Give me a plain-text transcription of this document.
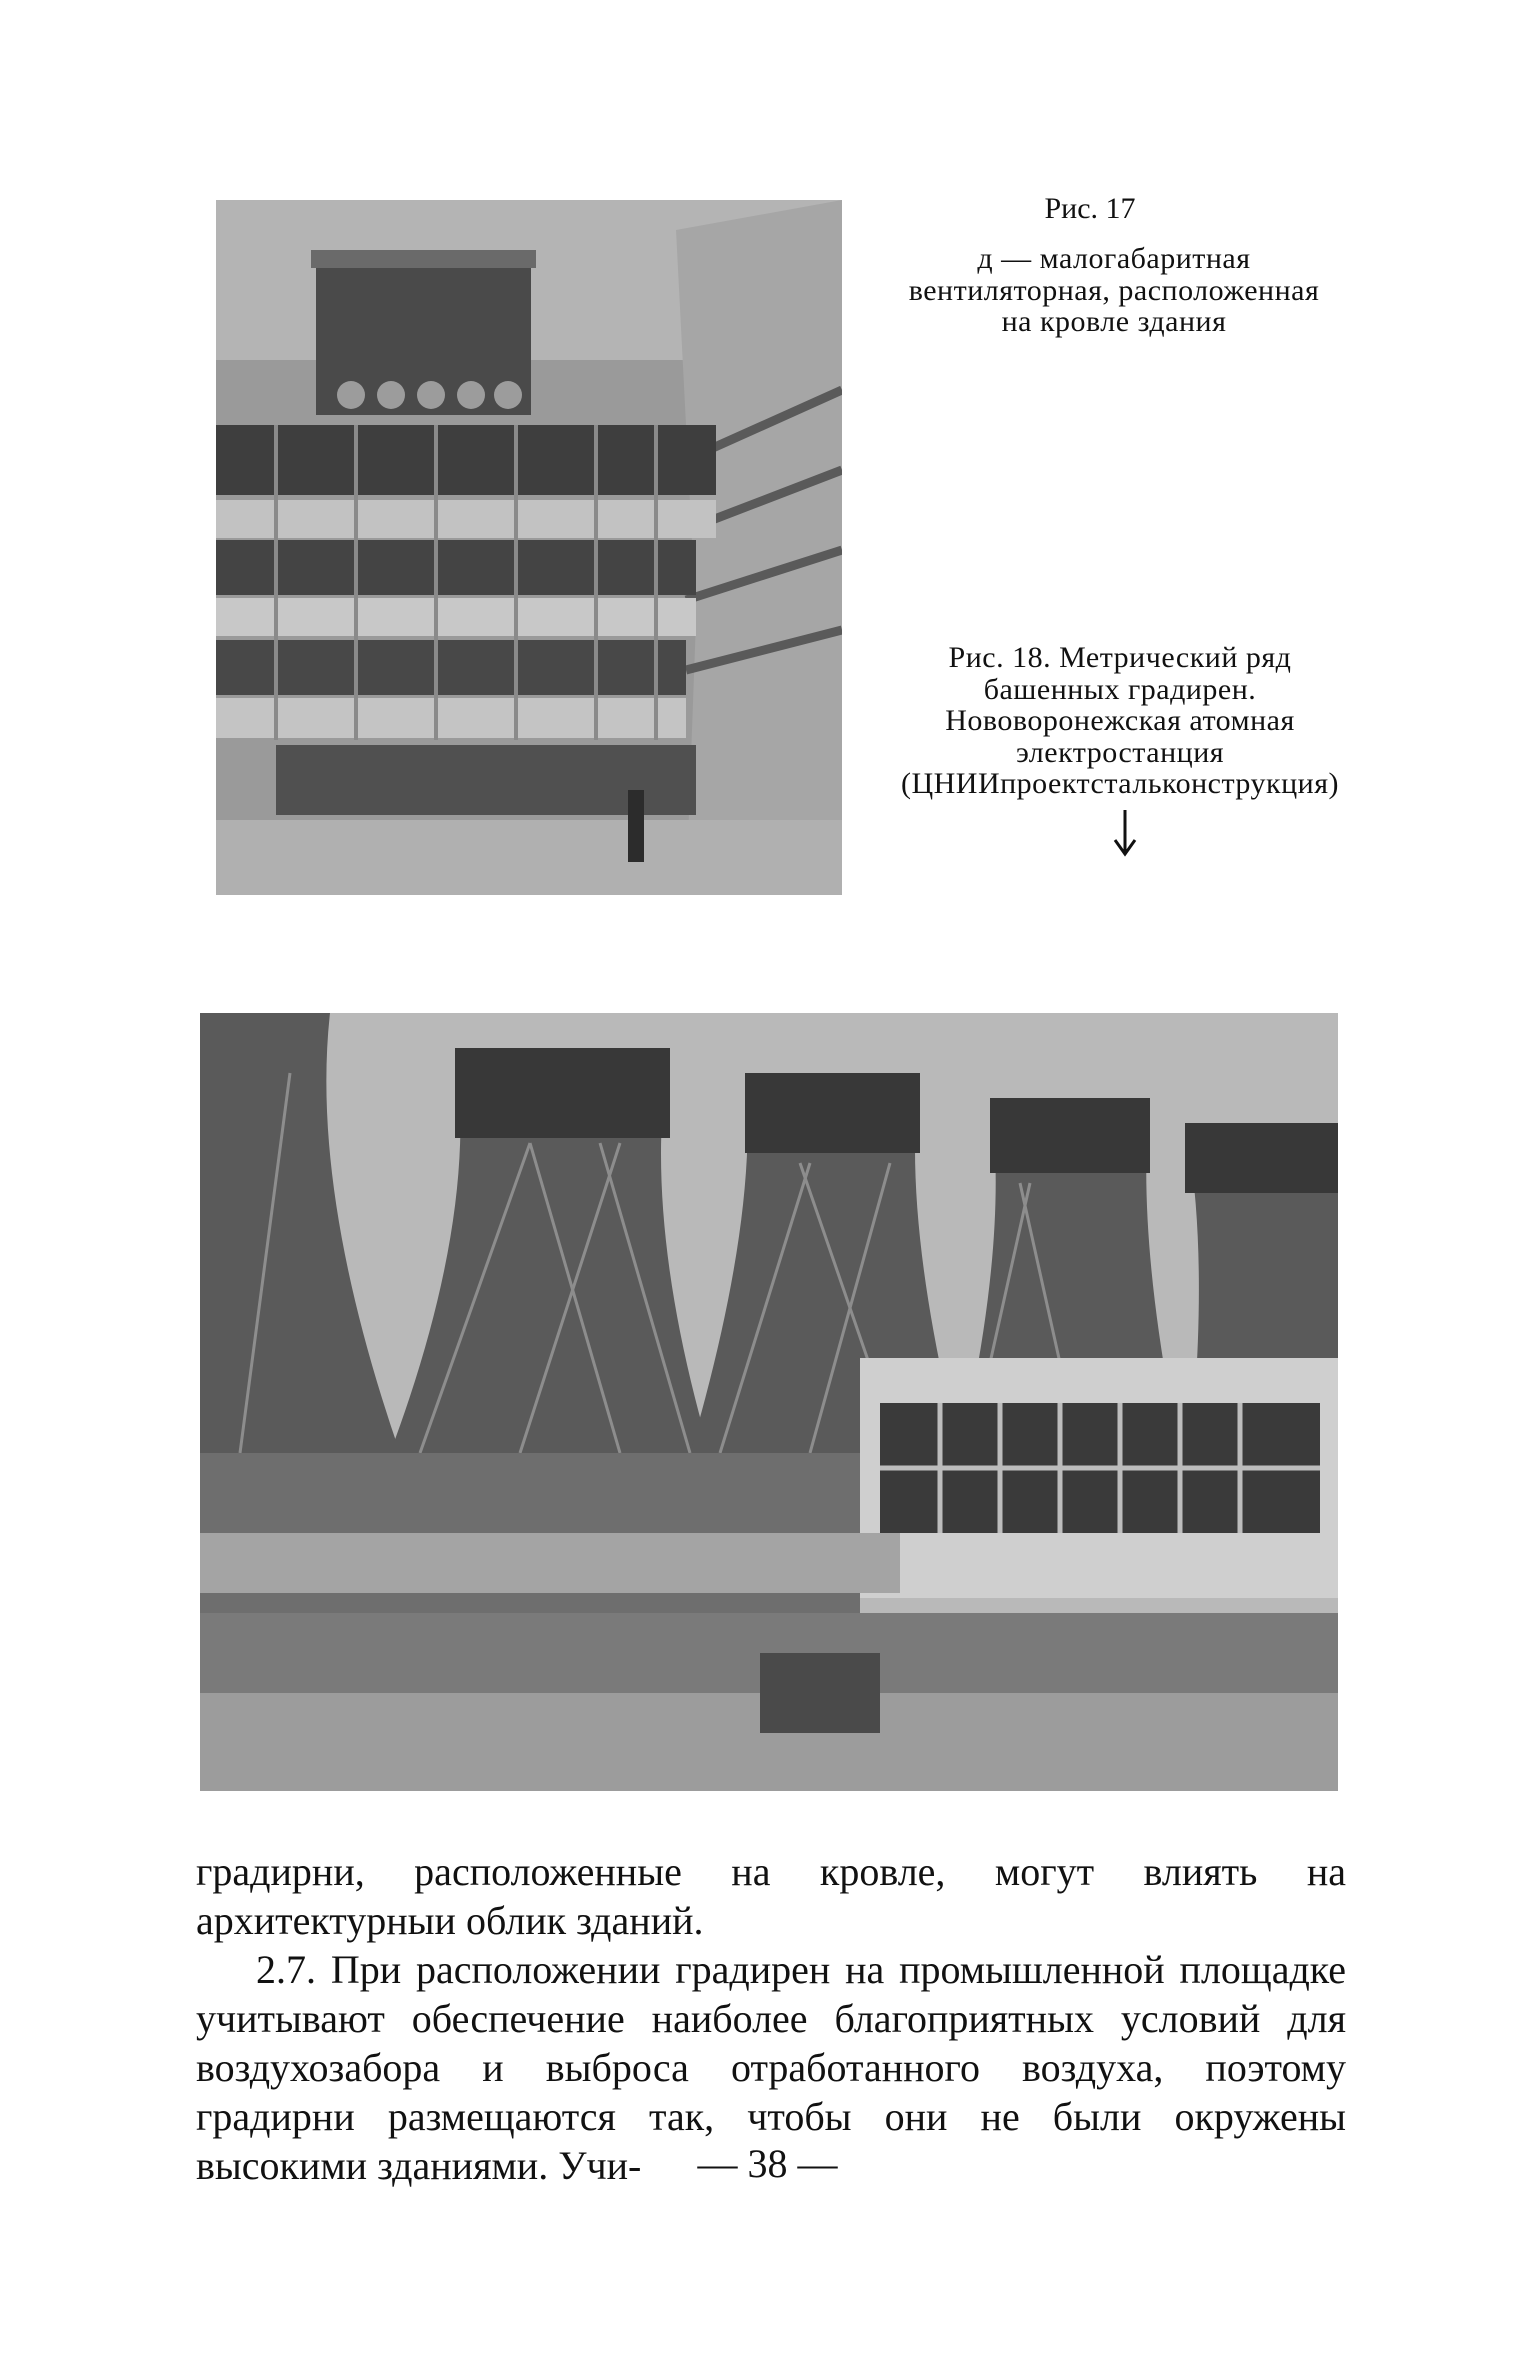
Рис. 17
д — малогабаритная вентиляторная, расположенная на кровле здания
Рис. 18. Метрический ряд башенных градирен. Нововоронежская атомная электростанция (ЦНИИпроектстальконструкция)

градирни, расположенные на кровле, могут влиять на архитектурныи облик зданий.

2.7. При расположении градирен на промышленной площадке учитывают обеспечение наиболее благоприятных условий для воздухозабора и выброса отработанного воздуха, поэтому градирни размещаются так, чтобы они не были окружены высокими зданиями. Учи-	— 38 —
